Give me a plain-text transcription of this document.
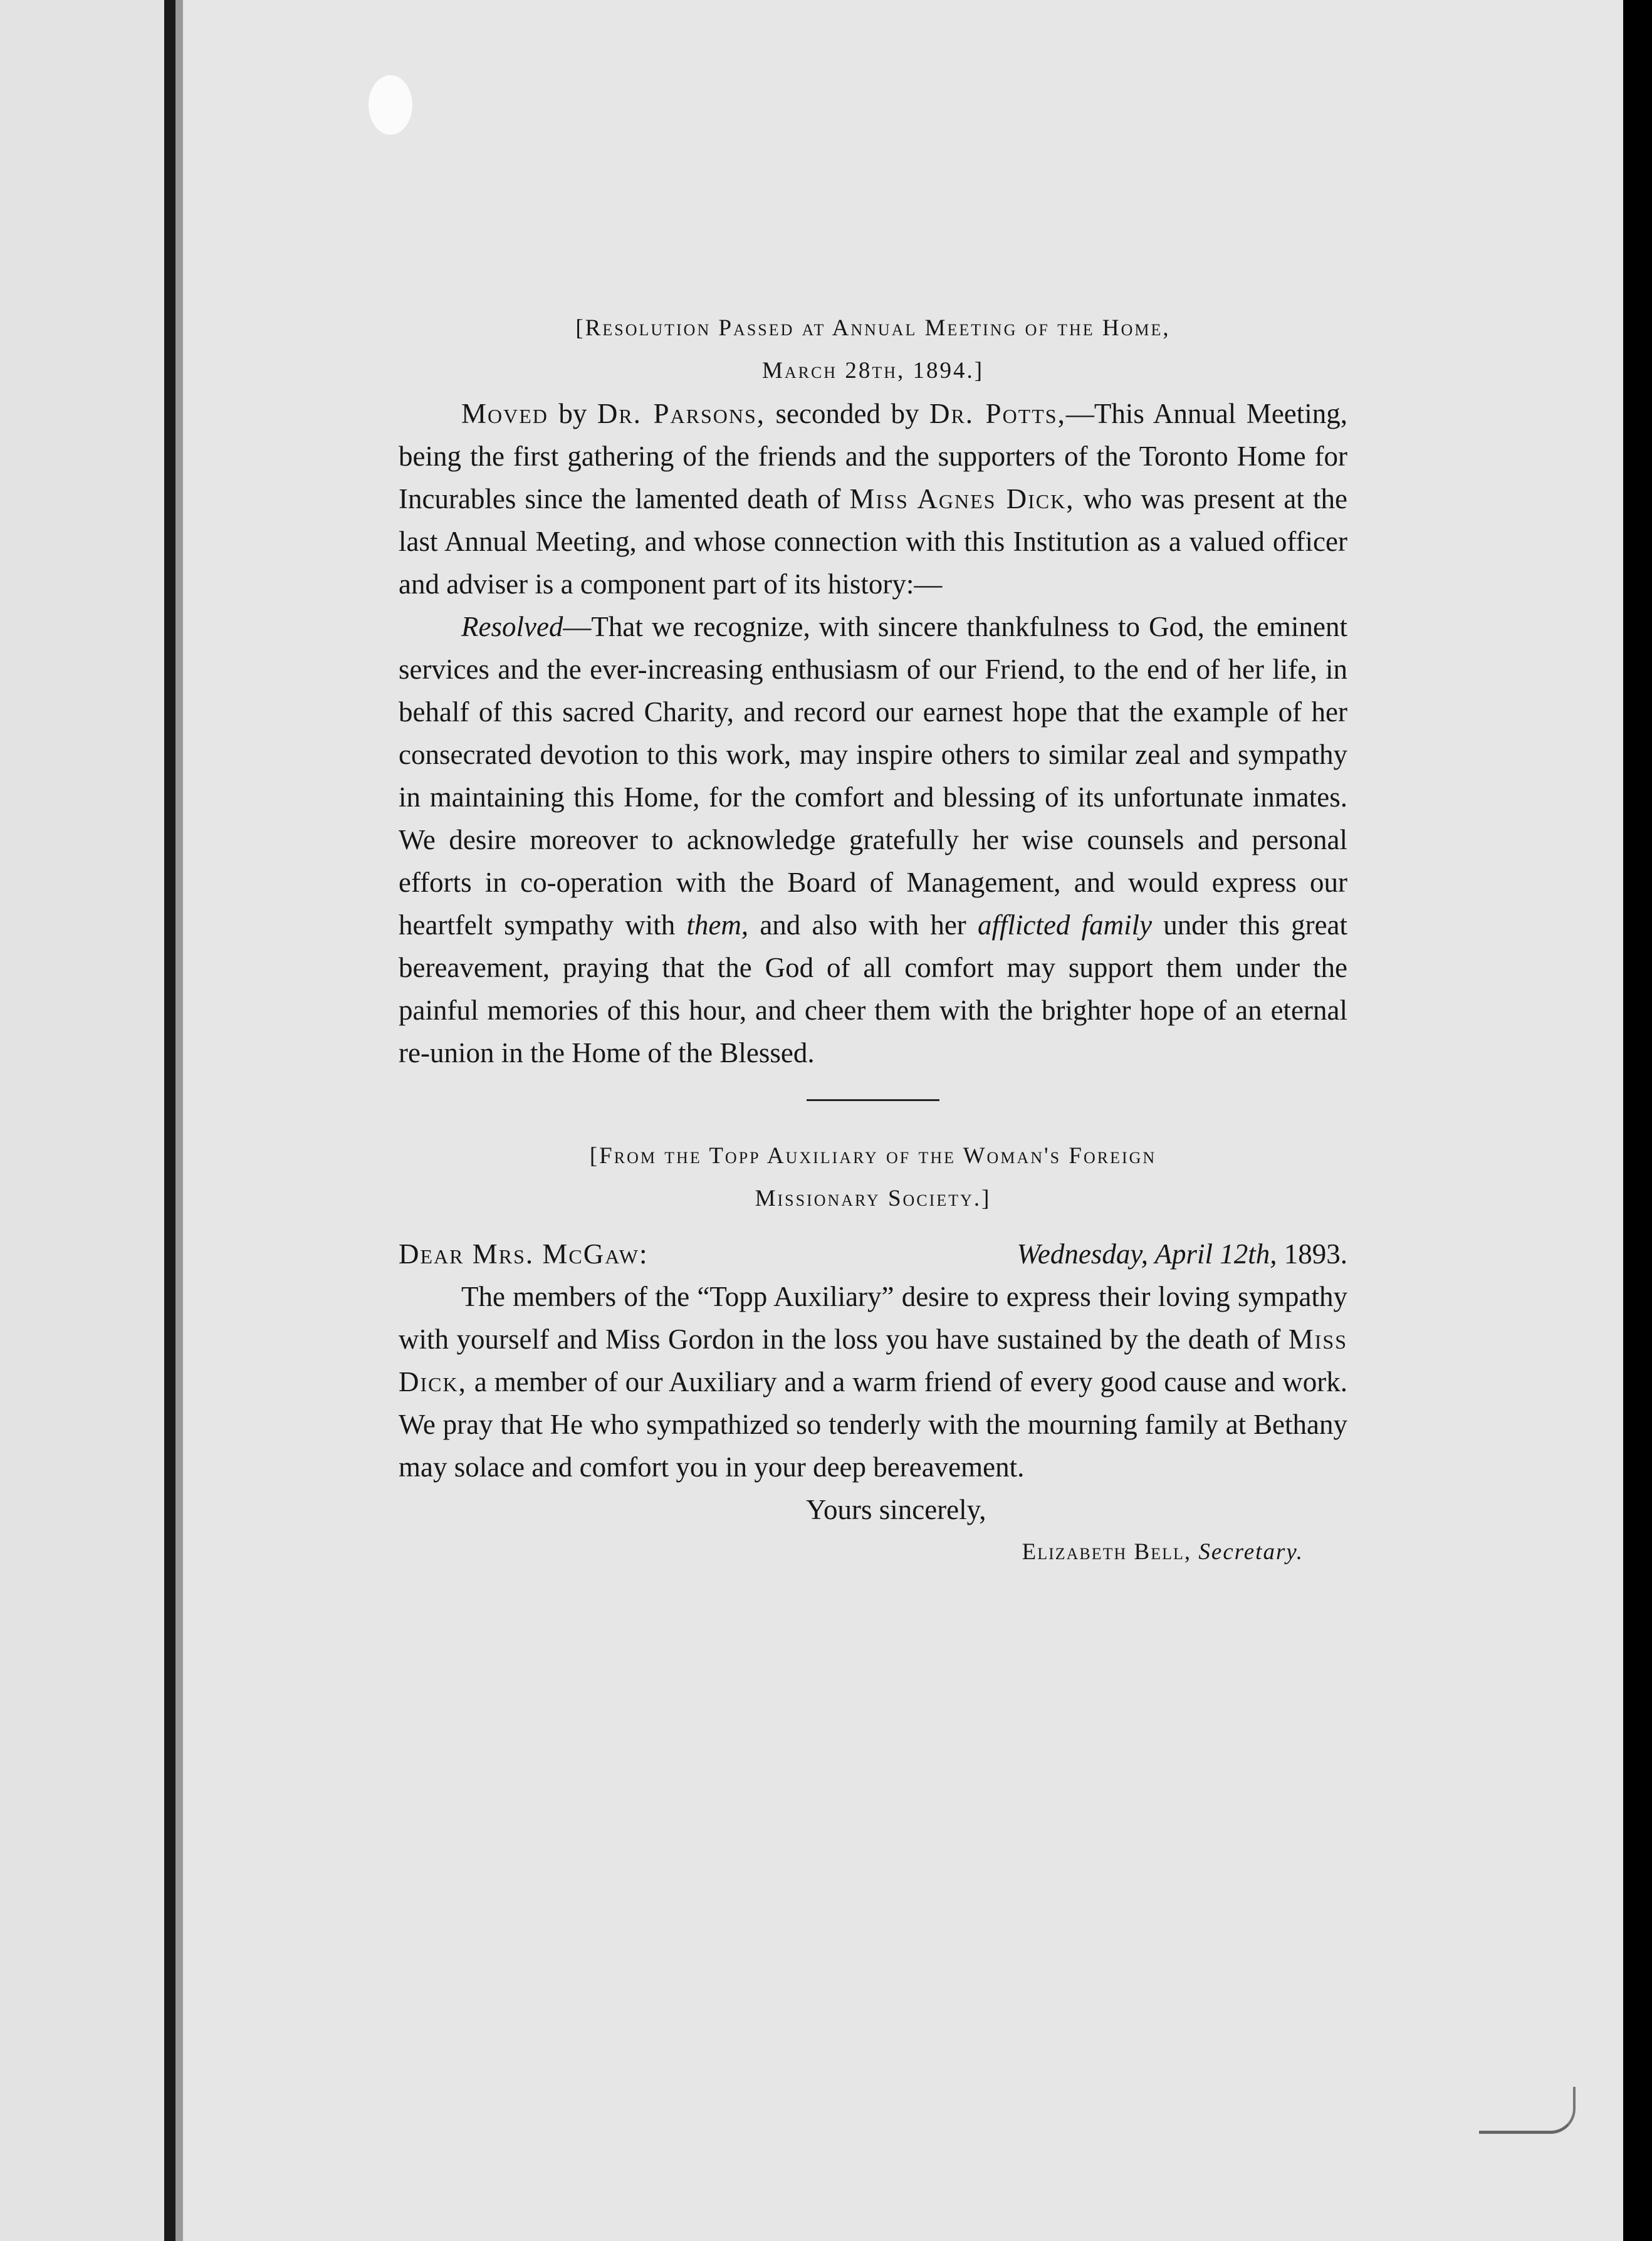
[Resolution Passed at Annual Meeting of the Home,

March 28th, 1894.]

Moved by Dr. Parsons, seconded by Dr. Potts,—This Annual Meeting, being the first gathering of the friends and the supporters of the Toronto Home for Incurables since the lamented death of Miss Agnes Dick, who was present at the last Annual Meeting, and whose connection with this Institution as a valued officer and adviser is a component part of its history:—

Resolved—That we recognize, with sincere thankfulness to God, the eminent services and the ever-increasing enthusiasm of our Friend, to the end of her life, in behalf of this sacred Charity, and record our earnest hope that the example of her consecrated devotion to this work, may inspire others to similar zeal and sympathy in maintaining this Home, for the comfort and blessing of its unfortunate inmates. We desire moreover to acknowledge gratefully her wise counsels and personal efforts in co-operation with the Board of Management, and would express our heartfelt sympathy with them, and also with her afflicted family under this great bereavement, praying that the God of all comfort may support them under the painful memories of this hour, and cheer them with the brighter hope of an eternal re-union in the Home of the Blessed.

[From the Topp Auxiliary of the Woman's Foreign

Missionary Society.]

Dear Mrs. McGaw:	Wednesday, April 12th, 1893.

The members of the “Topp Auxiliary” desire to express their loving sympathy with yourself and Miss Gordon in the loss you have sustained by the death of Miss Dick, a member of our Auxiliary and a warm friend of every good cause and work. We pray that He who sympathized so tenderly with the mourning family at Bethany may solace and comfort you in your deep bereavement.

Yours sincerely,

Elizabeth Bell, Secretary.
